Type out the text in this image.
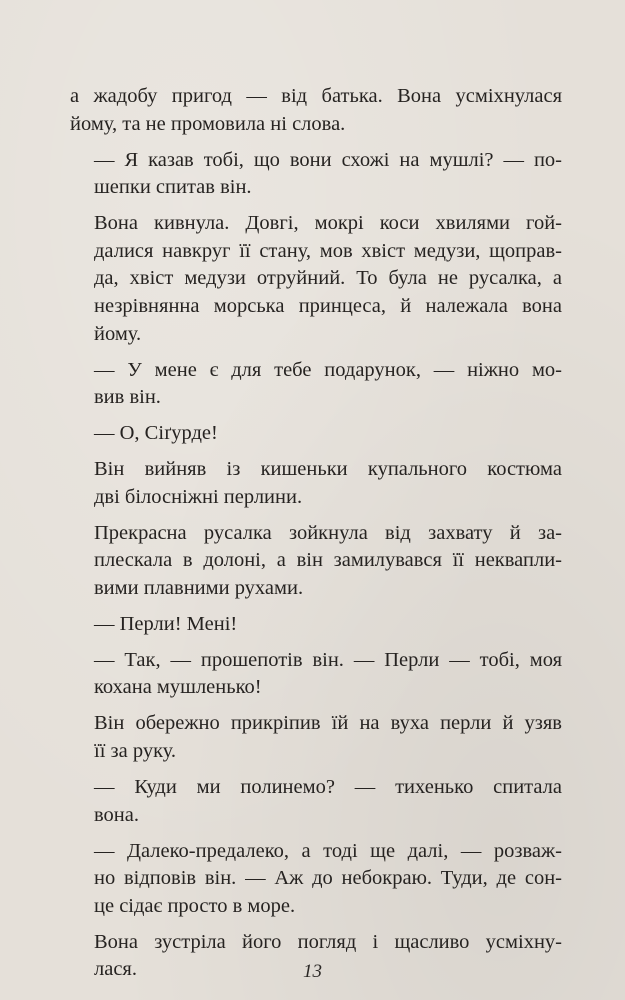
а жадобу пригод — від батька. Вона усміхнулася
йому, та не промовила ні слова.

— Я казав тобі, що вони схожі на мушлі? — по-
шепки спитав він.

Вона кивнула. Довгі, мокрі коси хвилями гой-
далися навкруг її стану, мов хвіст медузи, щоправ-
да, хвіст медузи отруйний. То була не русалка, а
незрівнянна морська принцеса, й належала вона
йому.

— У мене є для тебе подарунок, — ніжно мо-
вив він.

— О, Сіґурде!

Він вийняв із кишеньки купального костюма
дві білосніжні перлини.

Прекрасна русалка зойкнула від захвату й за-
плескала в долоні, а він замилувався її неквапли-
вими плавними рухами.

— Перли! Мені!

— Так, — прошепотів він. — Перли — тобі, моя
кохана мушленько!

Він обережно прикріпив їй на вуха перли й узяв
її за руку.

— Куди ми полинемо? — тихенько спитала
вона.

— Далеко-предалеко, а тоді ще далі, — розваж-
но відповів він. — Аж до небокраю. Туди, де сон-
це сідає просто в море.

Вона зустріла його погляд і щасливо усміхну-
лася.	13
